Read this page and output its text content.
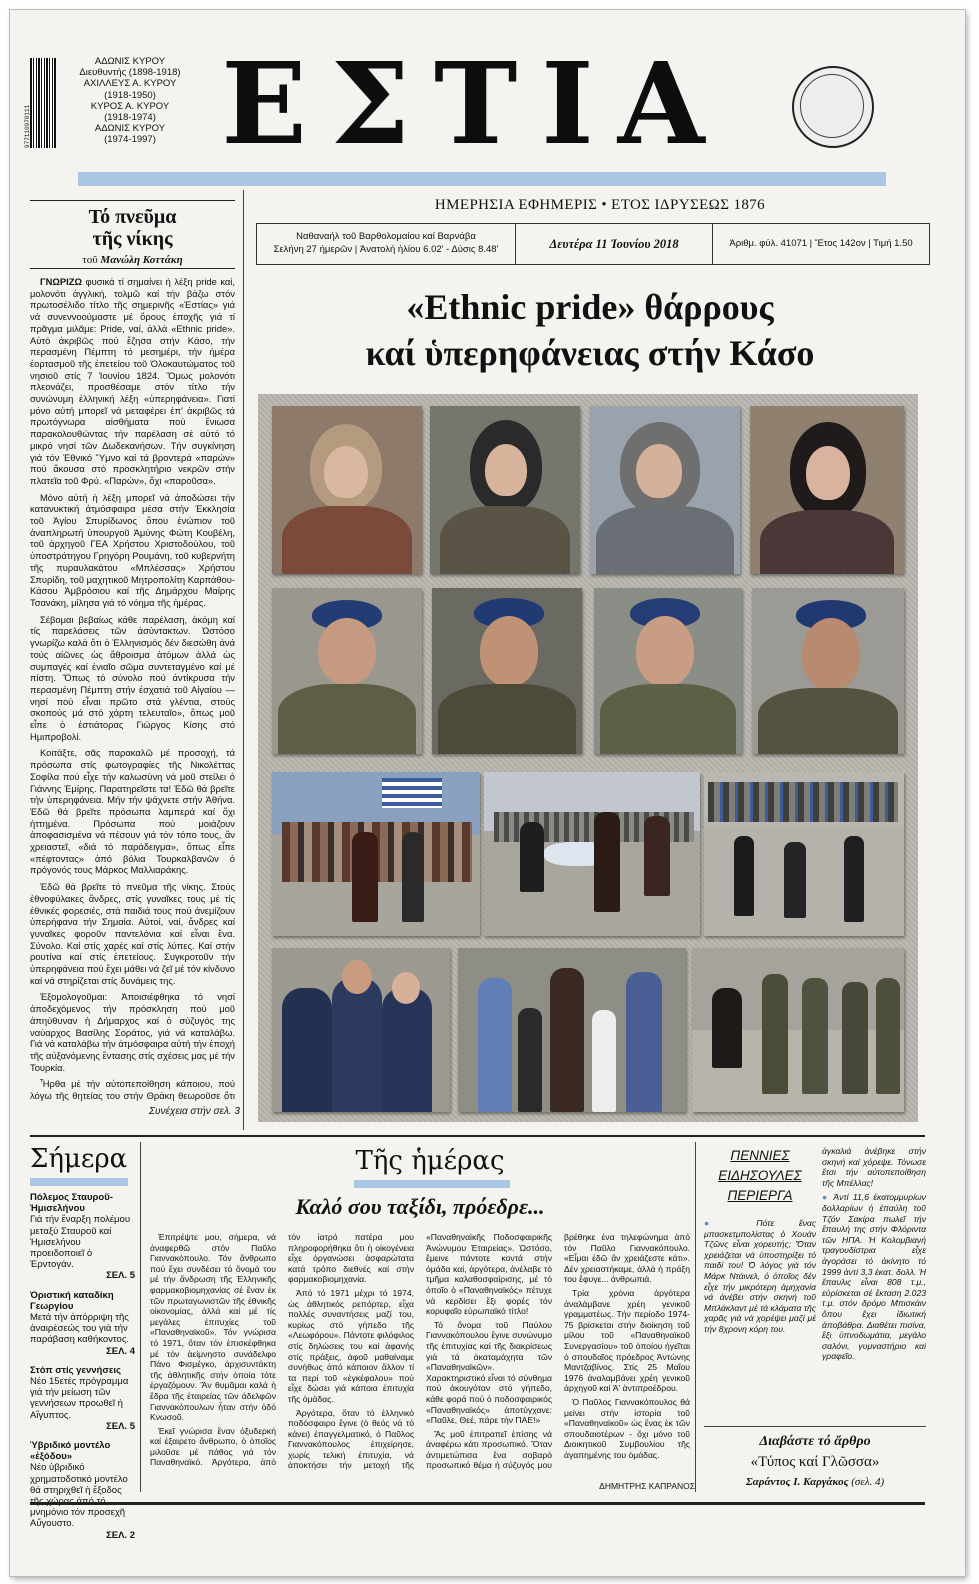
977110970111
ΑΔΩΝΙΣ ΚΥΡΟΥ
Διευθυντής (1898-1918)
ΑΧΙΛΛΕΥΣ Α. ΚΥΡΟΥ
(1918-1950)
ΚΥΡΟΣ Α. ΚΥΡΟΥ
(1918-1974)
ΑΔΩΝΙΣ ΚΥΡΟΥ
(1974-1997) ΕΣΤΙΑ
ΗΜΕΡΗΣΙΑ ΕΦΗΜΕΡΙΣ • ΕΤΟΣ ΙΔΡΥΣΕΩΣ 1876
Ναθαναήλ τοῦ Βαρθολομαίου καί Βαρνάβα
Σελήνη 27 ἡμερῶν | Ἀνατολή ἡλίου 6.02' - Δύσις 8.48'	Δευτέρα 11 Ἰουνίου 2018	Ἀριθμ. φύλ. 41071 | Ἔτος 142ον | Τιμή 1.50
Τό πνεῦμα
τῆς νίκης
τοῦ Μανώλη Κοττάκη

ΓΝΩΡΙΖΩ φυσικά τί σημαίνει ἡ λέξη pride καί, μολονότι ἀγγλική, τολμῶ καί τήν βάζω στόν πρωτοσέλιδο τίτλο τῆς σημερινῆς «Ἑστίας» γιά νά συνεννοούμαστε μέ ὅρους ἐποχῆς γιά τί πρᾶγμα μιλᾶμε: Pride, ναί, ἀλλά «Ethnic pride». Αὐτό ἀκριβῶς πού ἔζησα στήν Κάσο, τήν περασμένη Πέμπτη τό μεσημέρι, τήν ἡμέρα ἑορτασμοῦ τῆς ἐπετείου τοῦ Ὁλοκαυτώματος τοῦ νησιοῦ στίς 7 Ἰουνίου 1824. Ὅμως μολονότι πλεονάζει, προσθέσαμε στόν τίτλο τήν συνώνυμη ἑλληνική λέξη «ὑπερηφάνεια». Γιατί μόνο αὐτή μπορεῖ νά μεταφέρει ἐπ' ἀκριβῶς τά πρωτόγνωρα αἰσθήματα πού ἔνιωσα παρακολουθώντας τήν παρέλαση σέ αὐτό τό μικρό νησί τῶν Δωδεκανήσων. Τήν συγκίνηση γιά τόν Ἐθνικό Ὕμνο καί τά βροντερά «παρών» πού ἄκουσα στό προσκλητήριο νεκρῶν στήν πλατεῖα τοῦ Φρύ. «Παρών», ὄχι «παροῦσα».

Μόνο αὐτή ἡ λέξη μπορεῖ νά ἀποδώσει τήν κατανυκτική ἀτμόσφαιρα μέσα στήν Ἐκκλησία τοῦ Ἁγίου Σπυρίδωνος ὅπου ἐνώπιον τοῦ ἀναπληρωτή ὑπουργοῦ Ἀμύνης Φώτη Κουβέλη, τοῦ ἀρχηγοῦ ΓΕΑ Χρήστου Χριστοδούλου, τοῦ ὑποστράτηγου Γρηγόρη Ρουμάνη, τοῦ κυβερνήτη τῆς πυραυλακάτου «Μπλέσσας» Χρήστου Σπυρίδη, τοῦ μαχητικοῦ Μητροπολίτη Καρπάθου-Κάσου Ἀμβρόσιου καί τῆς Δημάρχου Μαίρης Τσανάκη, μίλησα γιά τό νόημα τῆς ἡμέρας.

Σέβομαι βεβαίως κάθε παρέλαση, ἀκόμη καί τίς παρελάσεις τῶν ἀσύντακτων. Ὡστόσο γνωρίζω καλά ὅτι ὁ Ἑλληνισμός δέν διεσώθη ἀνά τούς αἰῶνες ὡς ἄθροισμα ἀτόμων ἀλλά ὡς συμπαγές καί ἑνιαῖο σῶμα συντεταγμένο καί μέ πίστη. Ὅπως τό σύνολο πού ἀντίκρυσα τήν περασμένη Πέμπτη στήν ἐσχατιά τοῦ Αἰγαίου —νησί πού εἶναι πρῶτο στά γλέντια, στούς σκοπούς μά στό χάρτη τελευταῖο», ὅπως μοῦ εἶπε ὁ ἐστιάτορας Γιώργος Κίσης στό Ημιπροβολί.

Κοιτάξτε, σᾶς παρακαλῶ μέ προσοχή, τά πρόσωπα στίς φωτογραφίες τῆς Νικολέττας Σοφίλα πού εἶχε τήν καλωσύνη νά μοῦ στείλει ὁ Γιάννης Ἐμίρης. Παρατηρεῖστε τα! Ἐδῶ θά βρεῖτε τήν ὑπερηφάνεια. Μήν τήν ψάχνετε στήν Ἀθήνα. Ἐδῶ θά βρεῖτε πρόσωπα λαμπερά καί ὄχι ἡττημένα. Πρόσωπα πού μοιάζουν ἀποφασισμένα νά πέσουν γιά τόν τόπο τους, ἄν χρειαστεῖ, «διά τό παράδειγμα», ὅπως εἶπε «πέφτοντας» ἀπό βόλια Τουρκαλβανῶν ὁ πρόγονός τους Μάρκος Μαλλιαράκης.

Ἐδῶ θά βρεῖτε τό πνεῦμα τῆς νίκης. Στούς ἐθνοφύλακες ἄνδρες, στίς γυναῖκες τους μέ τίς ἐθνικές φορεσιές, στά παιδιά τους πού ἀνεμίζουν ὑπερήφανα τήν Σημαία. Αὐτοί, ναί, ἄνδρες καί γυναῖκες φοροῦν παντελόνια καί εἶναι ἕνα. Σύνολο. Καί στίς χαρές καί στίς λύπες. Καί στήν ρουτίνα καί στίς ἐπετείους. Συγκροτοῦν τήν ὑπερηφάνεια πού ἔχει μάθει νά ζεῖ μέ τόν κίνδυνο καί νά στηρίζεται στίς δυνάμεις της.

Ἐξομολογοῦμαι: Ἀποισιέφθηκα τό νησί ἀποδεχόμενος τήν πρόσκληση πού μοῦ ἀπηύθυναν ἡ Δήμαρχος καί ὁ σύζυγός της ναύαρχος Βασίλης Σοράτος, γιά νά καταλάβω. Γιά νά καταλάβω τήν ἀτμόσφαιρα αὐτή τήν ἐποχή τῆς αὐξανόμενης ἔντασης στίς σχέσεις μας μέ τήν Τουρκία.

Ἦρθα μέ τήν αὐτοπεποίθηση κάποιου, πού λόγω τῆς θητείας του στήν Θράκη θεωροῦσε ὅτι

Συνέχεια στήν σελ. 3
«Ethnic pride» θάρρους
καί ὑπερηφάνειας στήν Κάσο
Σήμερα
Πόλεμος Σταυροῦ-Ἡμισελήνου
Γιά τήν ἔναρξη πολέμου μεταξύ Σταυροῦ καί Ἡμισελήνου προειδοποιεῖ ὁ Ἐρντογάν.
ΣΕΛ. 5
Ὀριστική καταδίκη Γεωργίου
Μετά τήν ἀπόρριψη τῆς ἀναιρέσεώς του γιά τήν παράβαση καθήκοντος.
ΣΕΛ. 4
Στόπ στίς γεννήσεις
Νέο 15ετές πρόγραμμα γιά τήν μείωση τῶν γεννήσεων προωθεῖ ἡ Αἴγυπτος.
ΣΕΛ. 5
Ὑβριδικό μοντέλο «ἐξόδου»
Νέο ὑβριδικό χρηματοδοτικό μοντέλο θά στηριχθεῖ ἡ ἔξοδος μνημόνιο τόν προσεχῆ Αὔγουστο.
ΣΕΛ. 2
Τῆς ἡμέρας
Καλό σου ταξίδι, πρόεδρε...

Ἐπιτρέψτε μου, σήμερα, νά ἀναφερθῶ στόν Παῦλο Γιαννακόπουλο. Τόν ἄνθρωπο πού ἔχει συνδέσει τό ὄνομά του μέ τήν ἄνδρωση τῆς Ἑλληνικῆς φαρμακοβιομηχανίας σέ ἕναν ἐκ τῶν πρωταγωνιστῶν τῆς ἐθνικῆς οἰκονομίας, ἀλλά καί μέ τίς μεγάλες ἐπιτυχίες τοῦ «Παναθηναϊκοῦ». Τόν γνώρισα τό 1971, ὅταν τόν ἐπισκέφθηκα μέ τόν ἀείμνηστο συνάδελφο Πάνο Φισμέγκο, ἀρχισυντάκτη τῆς ἀθλητικῆς στήν ὁποία τότε ἐργαζόμουν. Ἄν θυμᾶμαι καλά ἡ ἕδρα τῆς ἑταιρείας τῶν ἀδελφῶν Γιαννακόπουλων ἦταν στήν ὁδό Κνωσοῦ.

Ἐκεῖ γνώρισα ἕναν ὀξυδερκή καί ἐξαιρετο ἄνθρωπο, ὁ ὁποῖος μιλοῦσε μέ πάθος γιά τόν Παναθηναϊκό. Ἀργότερα, ἀπό τόν ἰατρό πατέρα μου πληροφορήθηκα ὅτι ἡ οἰκογένεια εἶχε ὀργανώσει ἀσφαρώτατα κατά τρόπο διεθνές καί στήν φαρμακοβιομηχανία.

Ἀπό τό 1971 μέχρι τό 1974, ὡς ἀθλητικός ρεπόρτερ, εἶχα πολλές συναντήσεις μαζί του, κυρίως στό γήπεδο τῆς «Λεωφόρου». Πάντοτε φιλόφιλος στίς δηλώσεις του καί ἀφανής στίς πράξεις, ἀφοῦ μαθαίναμε συνήθως ἀπό κάποιον ἄλλον τί τα περί τοῦ «ἐγκέφαλου» πού εἶχε δώσει γιά κάποια ἐπιτυχία τῆς ὁμάδας.

Ἀργότερα, ὅταν τό ἑλληνικό ποδόσφαιρο ἔγινε (ὁ θεός νά τό κάνει) ἐπαγγελματικό, ὁ Παῦλος Γιαννακόπουλος ἐπιχείρησε, χωρίς τελική ἐπιτυχία, νά ἀποκτήσει τήν μετοχή τῆς «Παναθηναϊκῆς Ποδοσφαιρικῆς Ἀνώνυμου Ἑταιρείας». Ὡστόσο, ἔμεινε πάντοτε κοντά στήν ὁμάδα καί, ἀργότερα, ἀνέλαβε τό τμῆμα καλαθοσφαίρισης, μέ τό ὁποῖο ὁ «Παναθηναϊκός» πέτυχε νά κερδίσει ἔξι φορές τόν κορυφαῖο εὐρωπαϊκό τίτλο!

Τό ὄνομα τοῦ Παύλου Γιαννακόπουλου ἔγινε συνώνυμο τῆς ἐπιτυχίας καί τῆς διακρίσεως γιά τά ἀκαταμάχητα τῶν «Παναθηναϊκῶν». Χαρακτηριστικό εἶναι τό σύνθημα πού ἀκουγόταν στό γήπεδο, κάθε φορά πού ὁ ποδοσφαιρικός «Παναθηναϊκός» ἀποτύγχανε: «Παῦλε, Θεέ, πάρε τήν ΠΑΕ!»

Ἄς μοῦ ἐπιτραπεῖ ἐπίσης νά ἀναφέρω κάτι προσωπικό. Ὅταν ἀντιμετώπισα ἕνα σοβαρό προσωπικό θέμα ἡ σύζυγός μου βρέθηκε ἐνα τηλεφώνημα ἀπό τόν Παῦλο Γιαννακόπουλο. «Εἶμαι ἐδῶ ἄν χρειάζεστε κάτι». Δέν χρειαστήκαμε, ἀλλά ἡ πράξη του ἔφυγε... ἀνθρωπιά.

Τρία χρόνια ἀργότερα ἀναλάμβανε χρέη γενικοῦ γραμματέως. Τήν περίοδο 1974-75 βρίσκεται στήν διοίκηση τοῦ μίλου τοῦ «Παναθηναϊκοῦ Συνεργασίου» τοῦ ὁποίου ἡγεῖται ὁ σπουδαῖος πρόεδρος Ἀντώνης Μαντζαβίνος. Στίς 25 Μαΐου 1976 ἀναλαμβάνει χρέη γενικοῦ ἀρχηγοῦ καί Ἀ' ἀντιπροέδρου.

Ὁ Παῦλος Γιαννακόπουλος θά μείνει στήν ἱστορία τοῦ «Παναθηναϊκοῦ» ὡς ἕνας ἐκ τῶν σπουδαιοτέρων - ὄχι μόνο τοῦ Διοικητικοῦ Συμβουλίου τῆς ἀγαπημένης του ὁμάδας.

ΔΗΜΗΤΡΗΣ ΚΑΠΡΑΝΟΣ
ΠΕΝΝΙΕΣ
ΕΙΔΗΣΟΥΛΕΣ
ΠΕΡΙΕΡΓΑ

●	Πότε ἕνας μπασκετμπολίστας ὁ Χουάν Τζῶνς εἶναι χορευτής; Ὅταν χρειάζεται νά ὑποστηρίξει τό παιδί του! Ὁ λόγος γιά τόν Μάρκ Ντάινελ, ὁ ὁποῖος δέν εἶχε τήν μικρότερη ἀμηχανία νά ἀνέβει στήν σκηνή τοῦ Μπλάκλαντ μέ τά κλάματα τῆς χαρᾶς γιά νά χορέψει μαζί μέ τήν 8χρονη κόρη του.

ἀγκαλιά ἀνέβηκε στήν σκηνή καί χόρεψε. Τόνωσε ἔτσι τήν αὐτοπεποίθηση τῆς Μπέλλας!

● Ἀντί 11,6 ἑκατομμυρίων δολλαρίων ἡ ἐπαύλη τοῦ Τζόν Σακίρα πωλεῖ τήν ἔπαυλή της στήν Φλόριντα τῶν ΗΠΑ. Ἡ Κολομβιανή τραγουδίστρια εἶχε ἀγοράσει τό ἀκίνητο τό 1999 ἀντί 3,3 ἑκατ. δολλ. Ἡ ἔπαυλις εἶναι 808 τ.μ., εὑρίσκεται σέ ἔκταση 2.023 τ.μ. στόν δρόμο Μπισκάιν ὅπου ἔχει ἰδιωτική ἀποβάθρα. Διαθέτει πισίνα, ἕξι ὑπνοδωμάτια, μεγάλο σαλόνι, γυμναστήριο καί γραφεῖο.

Διαβάστε τό ἄρθρο
«Τύπος καί Γλῶσσα»
Σαράντος Ι. Καργάκος (σελ. 4)
